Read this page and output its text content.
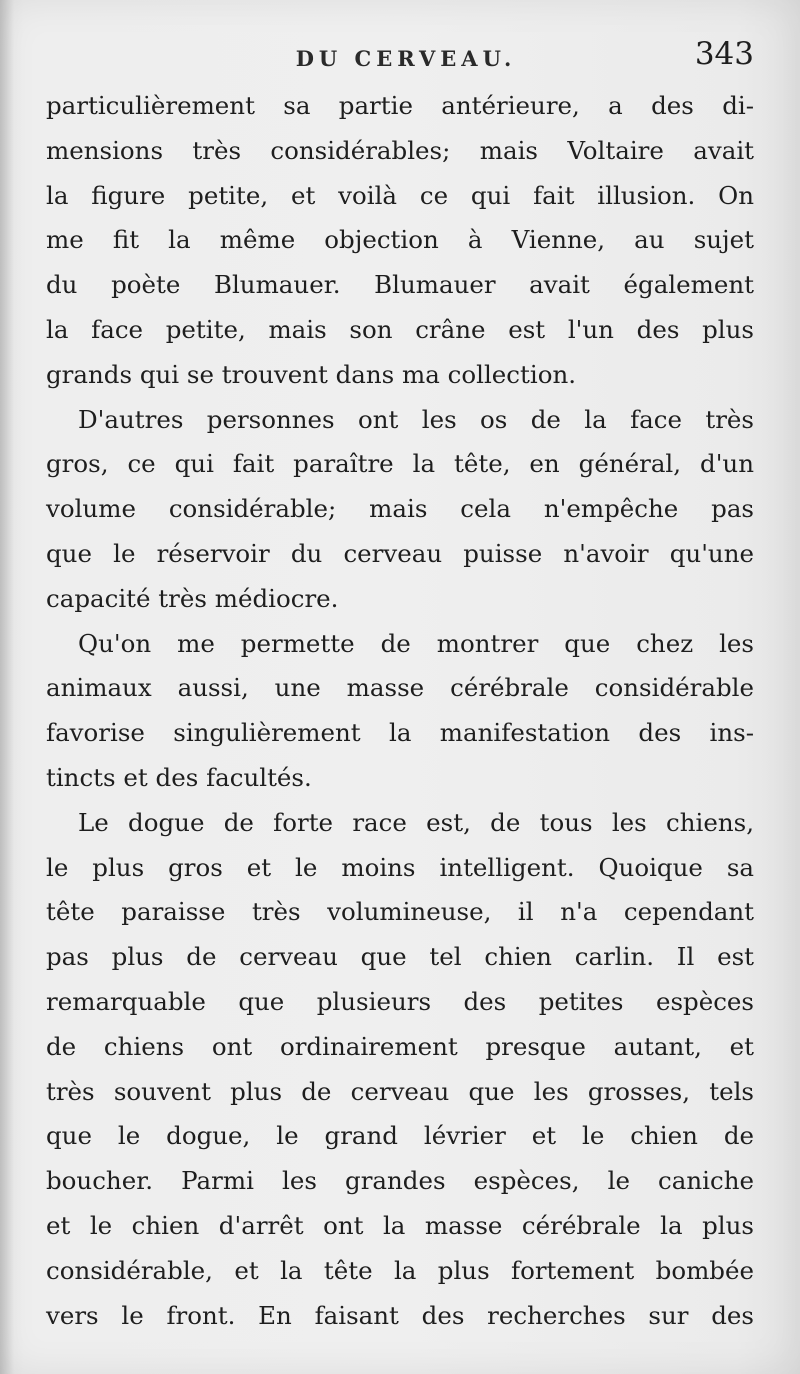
DU CERVEAU.	343
particulièrement sa partie antérieure, a des di-
mensions très considérables; mais Voltaire avait
la figure petite, et voilà ce qui fait illusion. On
me fit la même objection à Vienne, au sujet
du poète Blumauer. Blumauer avait également
la face petite, mais son crâne est l'un des plus
grands qui se trouvent dans ma collection.
D'autres personnes ont les os de la face très
gros, ce qui fait paraître la tête, en général, d'un
volume considérable; mais cela n'empêche pas
que le réservoir du cerveau puisse n'avoir qu'une
capacité très médiocre.
Qu'on me permette de montrer que chez les
animaux aussi, une masse cérébrale considérable
favorise singulièrement la manifestation des ins-
tincts et des facultés.
Le dogue de forte race est, de tous les chiens,
le plus gros et le moins intelligent. Quoique sa
tête paraisse très volumineuse, il n'a cependant
pas plus de cerveau que tel chien carlin. Il est
remarquable que plusieurs des petites espèces
de chiens ont ordinairement presque autant, et
très souvent plus de cerveau que les grosses, tels
que le dogue, le grand lévrier et le chien de
boucher. Parmi les grandes espèces, le caniche
et le chien d'arrêt ont la masse cérébrale la plus
considérable, et la tête la plus fortement bombée
vers le front. En faisant des recherches sur des
